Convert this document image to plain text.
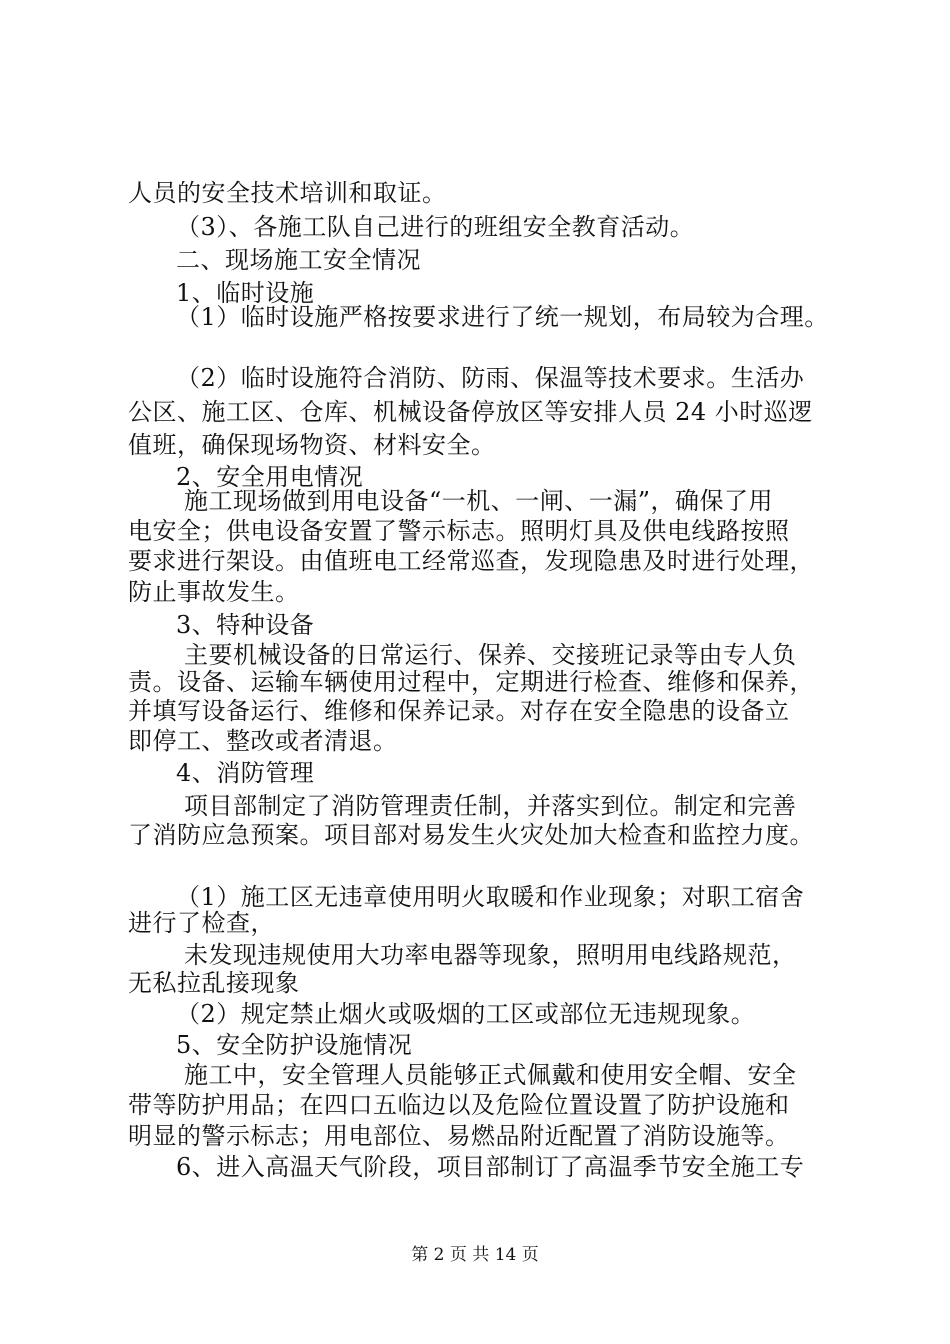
人员的安全技术培训和取证。
（3）、各施工队自己进行的班组安全教育活动。
二、现场施工安全情况
1、临时设施
（1）临时设施严格按要求进行了统一规划，布局较为合理。
（2）临时设施符合消防、防雨、保温等技术要求。生活办
公区、施工区、仓库、机械设备停放区等安排人员 24 小时巡逻
值班，确保现场物资、材料安全。
2、安全用电情况
施工现场做到用电设备“一机、一闸、一漏”，确保了用
电安全；供电设备安置了警示标志。照明灯具及供电线路按照
要求进行架设。由值班电工经常巡查，发现隐患及时进行处理，
防止事故发生。
3、特种设备
主要机械设备的日常运行、保养、交接班记录等由专人负
责。设备、运输车辆使用过程中，定期进行检查、维修和保养，
并填写设备运行、维修和保养记录。对存在安全隐患的设备立
即停工、整改或者清退。
4、消防管理
项目部制定了消防管理责任制，并落实到位。制定和完善
了消防应急预案。项目部对易发生火灾处加大检查和监控力度。
（1）施工区无违章使用明火取暖和作业现象；对职工宿舍
进行了检查，
未发现违规使用大功率电器等现象，照明用电线路规范，
无私拉乱接现象
（2）规定禁止烟火或吸烟的工区或部位无违规现象。
5、安全防护设施情况
施工中，安全管理人员能够正式佩戴和使用安全帽、安全
带等防护用品；在四口五临边以及危险位置设置了防护设施和
明显的警示标志；用电部位、易燃品附近配置了消防设施等。
6、进入高温天气阶段，项目部制订了高温季节安全施工专
第 2 页 共 14 页
